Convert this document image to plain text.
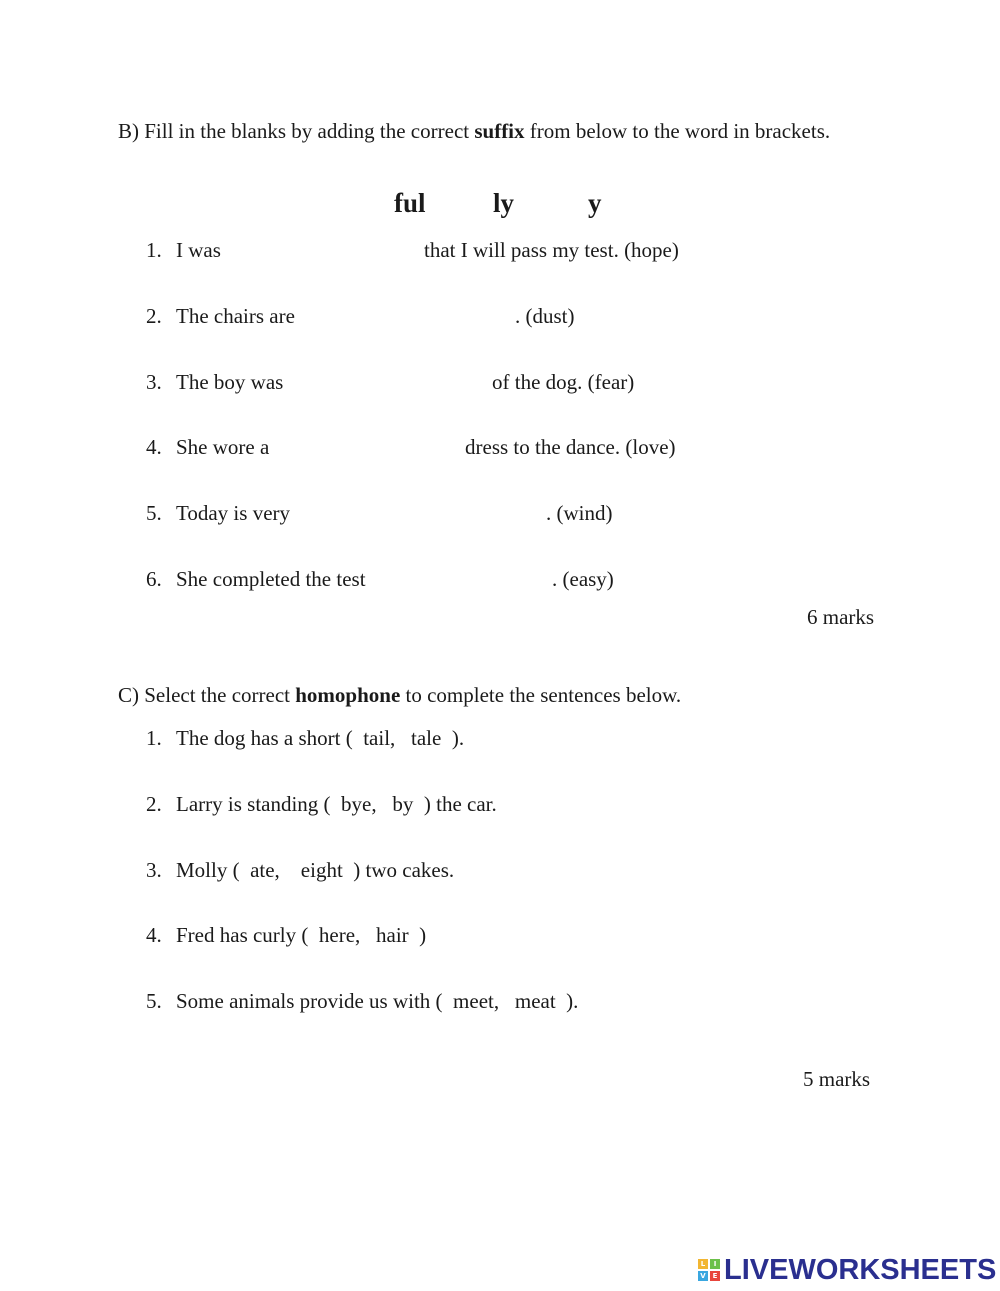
B) Fill in the blanks by adding the correct suffix from below to the word in brackets.
ful ly	y
1. I was	that I will pass my test. (hope)
2. The chairs are	. (dust)
3. The boy was	of the dog. (fear)
4. She wore a	dress to the dance. (love)
5. Today is very	. (wind)
6. She completed the test	. (easy)
6 marks
C) Select the correct homophone to complete the sentences below.
1. The dog has a short (  tail,   tale  ).
2. Larry is standing (  bye,   by  ) the car.
3. Molly (  ate,    eight  ) two cakes.
4. Fred has curly (  here,   hair  )
5. Some animals provide us with (  meet,   meat  ).
5 marks
L	I
V E LIVEWORKSHEETS
